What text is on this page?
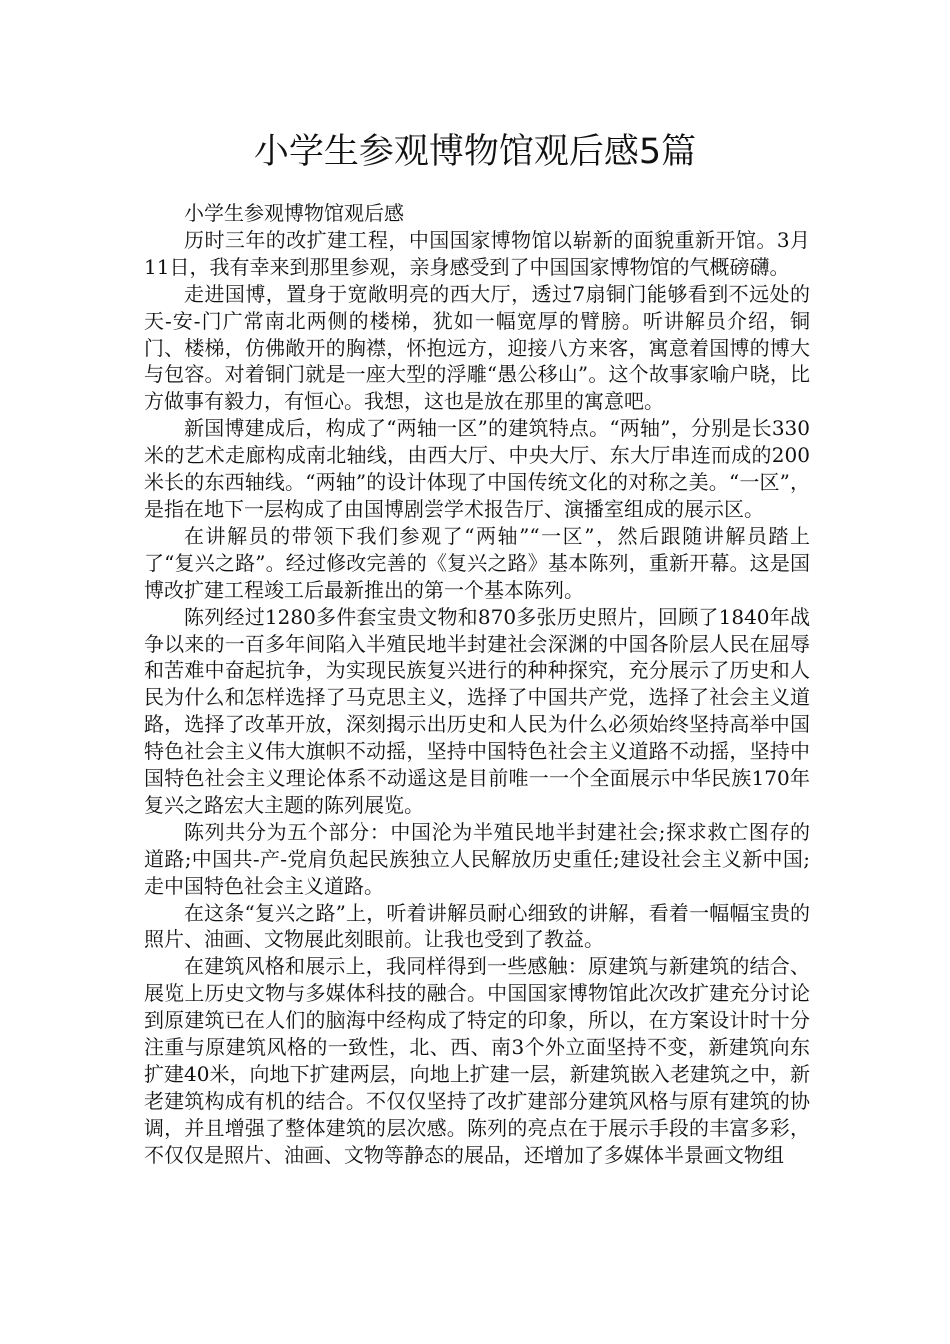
小学生参观博物馆观后感5篇

小学生参观博物馆观后感

历时三年的改扩建工程，中国国家博物馆以崭新的面貌重新开馆。3月11日，我有幸来到那里参观，亲身感受到了中国国家博物馆的气概磅礴。

走进国博，置身于宽敞明亮的西大厅，透过7扇铜门能够看到不远处的天-安-门广常南北两侧的楼梯，犹如一幅宽厚的臂膀。听讲解员介绍，铜门、楼梯，仿佛敞开的胸襟，怀抱远方，迎接八方来客，寓意着国博的博大与包容。对着铜门就是一座大型的浮雕“愚公移山”。这个故事家喻户晓，比方做事有毅力，有恒心。我想，这也是放在那里的寓意吧。

新国博建成后，构成了“两轴一区”的建筑特点。“两轴”，分别是长330米的艺术走廊构成南北轴线，由西大厅、中央大厅、东大厅串连而成的200米长的东西轴线。“两轴”的设计体现了中国传统文化的对称之美。“一区”，是指在地下一层构成了由国博剧尝学术报告厅、演播室组成的展示区。

在讲解员的带领下我们参观了“两轴”“一区”，然后跟随讲解员踏上了“复兴之路”。经过修改完善的《复兴之路》基本陈列，重新开幕。这是国博改扩建工程竣工后最新推出的第一个基本陈列。

陈列经过1280多件套宝贵文物和870多张历史照片，回顾了1840年战争以来的一百多年间陷入半殖民地半封建社会深渊的中国各阶层人民在屈辱和苦难中奋起抗争，为实现民族复兴进行的种种探究，充分展示了历史和人民为什么和怎样选择了马克思主义，选择了中国共产党，选择了社会主义道路，选择了改革开放，深刻揭示出历史和人民为什么必须始终坚持高举中国特色社会主义伟大旗帜不动摇，坚持中国特色社会主义道路不动摇，坚持中国特色社会主义理论体系不动遥这是目前唯一一个全面展示中华民族170年复兴之路宏大主题的陈列展览。

陈列共分为五个部分：中国沦为半殖民地半封建社会;探求救亡图存的道路;中国共-产-党肩负起民族独立人民解放历史重任;建设社会主义新中国;走中国特色社会主义道路。

在这条“复兴之路”上，听着讲解员耐心细致的讲解，看着一幅幅宝贵的照片、油画、文物展此刻眼前。让我也受到了教益。

在建筑风格和展示上，我同样得到一些感触：原建筑与新建筑的结合、展览上历史文物与多媒体科技的融合。中国国家博物馆此次改扩建充分讨论到原建筑已在人们的脑海中经构成了特定的印象，所以，在方案设计时十分注重与原建筑风格的一致性，北、西、南3个外立面坚持不变，新建筑向东扩建40米，向地下扩建两层，向地上扩建一层，新建筑嵌入老建筑之中，新老建筑构成有机的结合。不仅仅坚持了改扩建部分建筑风格与原有建筑的协调，并且增强了整体建筑的层次感。陈列的亮点在于展示手段的丰富多彩，不仅仅是照片、油画、文物等静态的展品，还增加了多媒体半景画文物组
